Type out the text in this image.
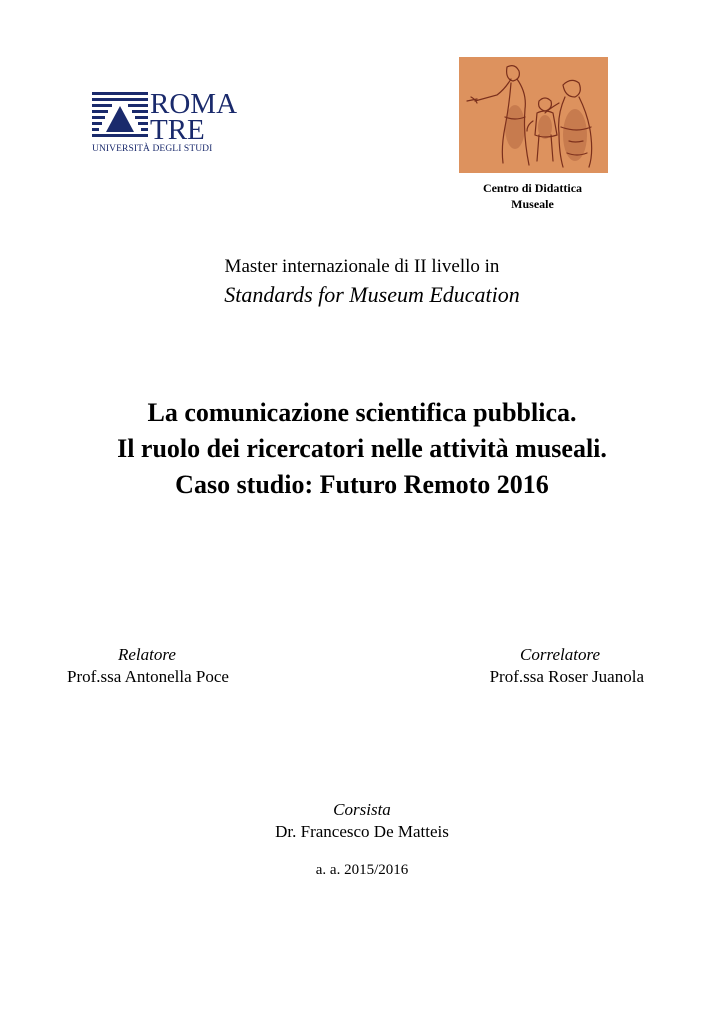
ROMA
TRE
UNIVERSITÀ DEGLI STUDI
Centro di Didattica
Museale
Master internazionale di II livello in
Standards for Museum Education
La comunicazione scientifica pubblica.
Il ruolo dei ricercatori nelle attività museali.
Caso studio: Futuro Remoto 2016
Relatore
Prof.ssa Antonella Poce
Correlatore
Prof.ssa Roser Juanola
Corsista
Dr. Francesco De Matteis
a. a. 2015/2016
